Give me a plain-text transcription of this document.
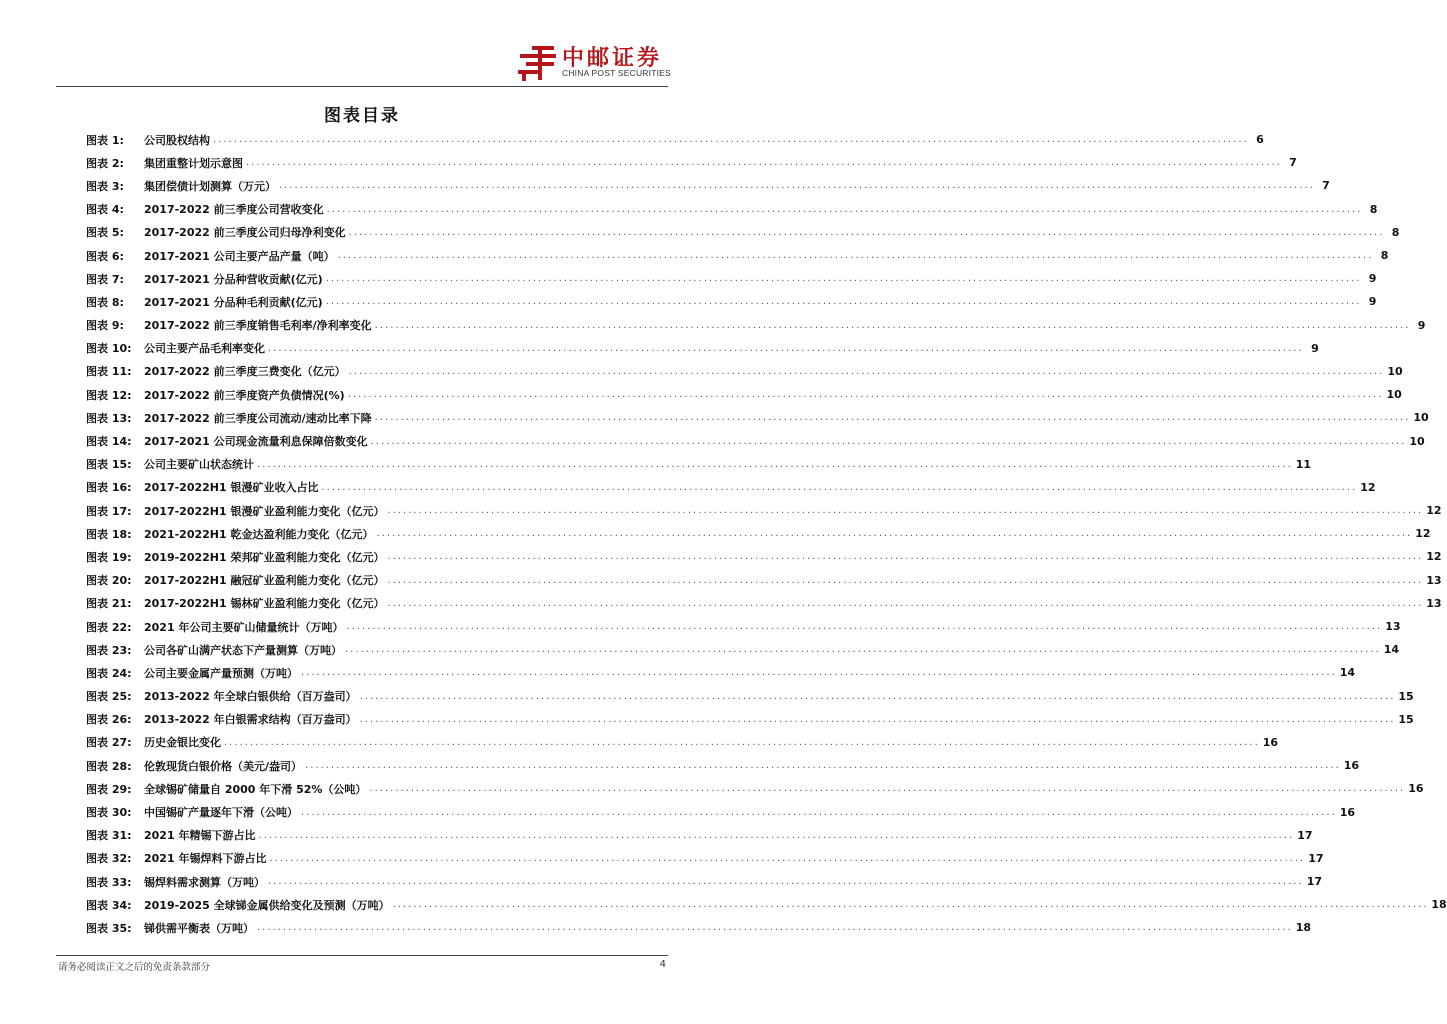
中邮证券
CHINA POST SECURITIES
图表目录
图表 1:	公司股权结构 ........................................................................................................................................................................................................ 6
图表 2:	集团重整计划示意图 ........................................................................................................................................................................................................ 7
图表 3:	集团偿债计划测算（万元） ........................................................................................................................................................................................................ 7
图表 4:	2017-2022 前三季度公司营收变化 ........................................................................................................................................................................................................ 8
图表 5:	2017-2022 前三季度公司归母净利变化 ........................................................................................................................................................................................................ 8
图表 6:	2017-2021 公司主要产品产量（吨） ........................................................................................................................................................................................................ 8
图表 7:	2017-2021 分品种营收贡献(亿元) ........................................................................................................................................................................................................ 9
图表 8:	2017-2021 分品种毛利贡献(亿元) ........................................................................................................................................................................................................ 9
图表 9:	2017-2022 前三季度销售毛利率/净利率变化 ........................................................................................................................................................................................................ 9
图表 10:	公司主要产品毛利率变化 ........................................................................................................................................................................................................ 9
图表 11:	2017-2022 前三季度三费变化（亿元） ........................................................................................................................................................................................................ 10
图表 12:	2017-2022 前三季度资产负债情况(%) ........................................................................................................................................................................................................ 10
图表 13:	2017-2022 前三季度公司流动/速动比率下降 ........................................................................................................................................................................................................ 10
图表 14:	2017-2021 公司现金流量利息保障倍数变化 ........................................................................................................................................................................................................ 10
图表 15:	公司主要矿山状态统计 ........................................................................................................................................................................................................ 11
图表 16:	2017-2022H1 银漫矿业收入占比 ........................................................................................................................................................................................................ 12
图表 17:	2017-2022H1 银漫矿业盈利能力变化（亿元） ........................................................................................................................................................................................................ 12
图表 18:	2021-2022H1 乾金达盈利能力变化（亿元） ........................................................................................................................................................................................................ 12
图表 19:	2019-2022H1 荣邦矿业盈利能力变化（亿元） ........................................................................................................................................................................................................ 12
图表 20:	2017-2022H1 融冠矿业盈利能力变化（亿元） ........................................................................................................................................................................................................ 13
图表 21:	2017-2022H1 锡林矿业盈利能力变化（亿元） ........................................................................................................................................................................................................ 13
图表 22:	2021 年公司主要矿山储量统计（万吨） ........................................................................................................................................................................................................ 13
图表 23:	公司各矿山满产状态下产量测算（万吨） ........................................................................................................................................................................................................ 14
图表 24:	公司主要金属产量预测（万吨） ........................................................................................................................................................................................................ 14
图表 25:	2013-2022 年全球白银供给（百万盎司） ........................................................................................................................................................................................................ 15
图表 26:	2013-2022 年白银需求结构（百万盎司） ........................................................................................................................................................................................................ 15
图表 27:	历史金银比变化 ........................................................................................................................................................................................................ 16
图表 28:	伦敦现货白银价格（美元/盎司） ........................................................................................................................................................................................................ 16
图表 29:	全球锡矿储量自 2000 年下滑 52%（公吨） ........................................................................................................................................................................................................ 16
图表 30:	中国锡矿产量逐年下滑（公吨） ........................................................................................................................................................................................................ 16
图表 31:	2021 年精锡下游占比 ........................................................................................................................................................................................................ 17
图表 32:	2021 年锡焊料下游占比 ........................................................................................................................................................................................................ 17
图表 33:	锡焊料需求测算（万吨） ........................................................................................................................................................................................................ 17
图表 34:	2019-2025 全球锑金属供给变化及预测（万吨） ........................................................................................................................................................................................................ 18
图表 35:	锑供需平衡表（万吨） ........................................................................................................................................................................................................ 18
请务必阅读正文之后的免责条款部分	4
